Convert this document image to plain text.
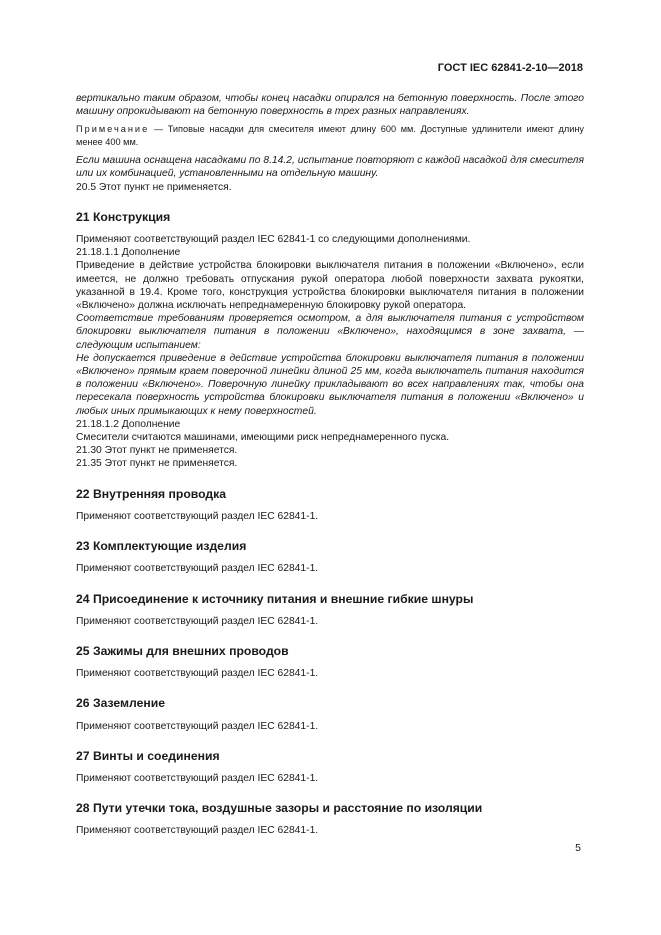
ГОСТ IEC 62841-2-10—2018

вертикально таким образом, чтобы конец насадки опирался на бетонную поверхность. После этого машину опрокидывают на бетонную поверхность в трех разных направлениях.

Примечание — Типовые насадки для смесителя имеют длину 600 мм. Доступные удлинители имеют длину менее 400 мм.

Если машина оснащена насадками по 8.14.2, испытание повторяют с каждой насадкой для смесителя или их комбинацией, установленными на отдельную машину.

20.5 Этот пункт не применяется.

21 Конструкция

Применяют соответствующий раздел IEC 62841-1 со следующими дополнениями.

21.18.1.1 Дополнение

Приведение в действие устройства блокировки выключателя питания в положении «Включено», если имеется, не должно требовать отпускания рукой оператора любой поверхности захвата рукоятки, указанной в 19.4. Кроме того, конструкция устройства блокировки выключателя питания в положении «Включено» должна исключать непреднамеренную блокировку рукой оператора.

Соответствие требованиям проверяется осмотром, а для выключателя питания с устройством блокировки выключателя питания в положении «Включено», находящимся в зоне захвата, — следующим испытанием:

Не допускается приведение в действие устройства блокировки выключателя питания в положении «Включено» прямым краем поверочной линейки длиной 25 мм, когда выключатель питания находится в положении «Включено». Поверочную линейку прикладывают во всех направлениях так, чтобы она пересекала поверхность устройства блокировки выключателя питания в положении «Включено» и любых иных примыкающих к нему поверхностей.

21.18.1.2 Дополнение

Смесители считаются машинами, имеющими риск непреднамеренного пуска.

21.30 Этот пункт не применяется.

21.35 Этот пункт не применяется.

22 Внутренняя проводка

Применяют соответствующий раздел IEC 62841-1.

23 Комплектующие изделия

Применяют соответствующий раздел IEC 62841-1.

24 Присоединение к источнику питания и внешние гибкие шнуры

Применяют соответствующий раздел IEC 62841-1.

25 Зажимы для внешних проводов

Применяют соответствующий раздел IEC 62841-1.

26 Заземление

Применяют соответствующий раздел IEC 62841-1.

27 Винты и соединения

Применяют соответствующий раздел IEC 62841-1.

28 Пути утечки тока, воздушные зазоры и расстояние по изоляции

Применяют соответствующий раздел IEC 62841-1.

5
